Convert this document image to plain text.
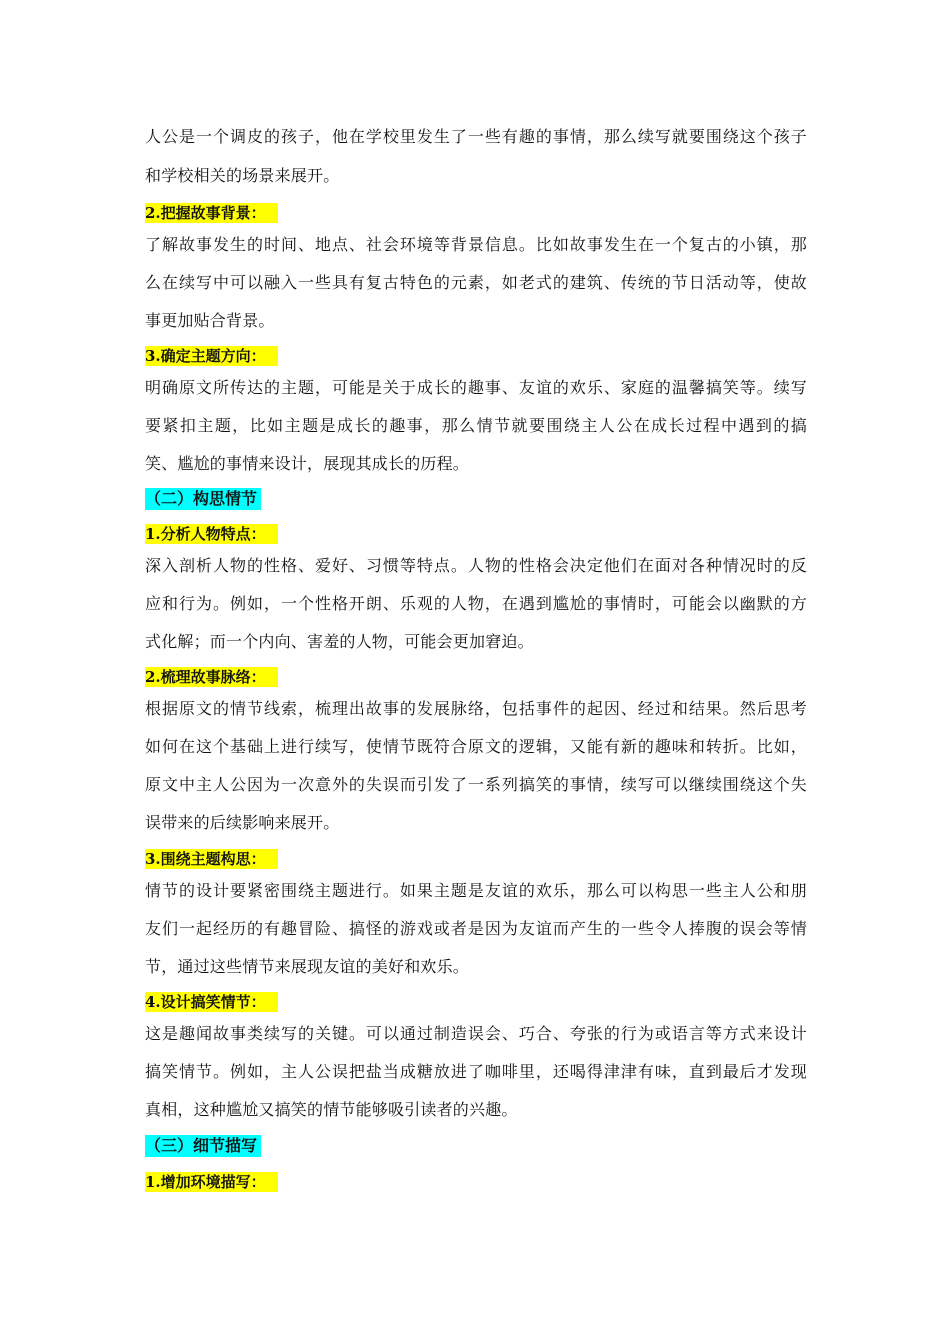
人公是一个调皮的孩子，他在学校里发生了一些有趣的事情，那么续写就要围绕这个孩子
和学校相关的场景来展开。
2.把握故事背景：
了解故事发生的时间、地点、社会环境等背景信息。比如故事发生在一个复古的小镇，那
么在续写中可以融入一些具有复古特色的元素，如老式的建筑、传统的节日活动等，使故
事更加贴合背景。
3.确定主题方向：
明确原文所传达的主题，可能是关于成长的趣事、友谊的欢乐、家庭的温馨搞笑等。续写
要紧扣主题，比如主题是成长的趣事，那么情节就要围绕主人公在成长过程中遇到的搞
笑、尴尬的事情来设计，展现其成长的历程。
（二）构思情节
1.分析人物特点：
深入剖析人物的性格、爱好、习惯等特点。人物的性格会决定他们在面对各种情况时的反
应和行为。例如，一个性格开朗、乐观的人物，在遇到尴尬的事情时，可能会以幽默的方
式化解；而一个内向、害羞的人物，可能会更加窘迫。
2.梳理故事脉络：
根据原文的情节线索，梳理出故事的发展脉络，包括事件的起因、经过和结果。然后思考
如何在这个基础上进行续写，使情节既符合原文的逻辑，又能有新的趣味和转折。比如，
原文中主人公因为一次意外的失误而引发了一系列搞笑的事情，续写可以继续围绕这个失
误带来的后续影响来展开。
3.围绕主题构思：
情节的设计要紧密围绕主题进行。如果主题是友谊的欢乐，那么可以构思一些主人公和朋
友们一起经历的有趣冒险、搞怪的游戏或者是因为友谊而产生的一些令人捧腹的误会等情
节，通过这些情节来展现友谊的美好和欢乐。
4.设计搞笑情节：
这是趣闻故事类续写的关键。可以通过制造误会、巧合、夸张的行为或语言等方式来设计
搞笑情节。例如，主人公误把盐当成糖放进了咖啡里，还喝得津津有味，直到最后才发现
真相，这种尴尬又搞笑的情节能够吸引读者的兴趣。
（三）细节描写
1.增加环境描写：
